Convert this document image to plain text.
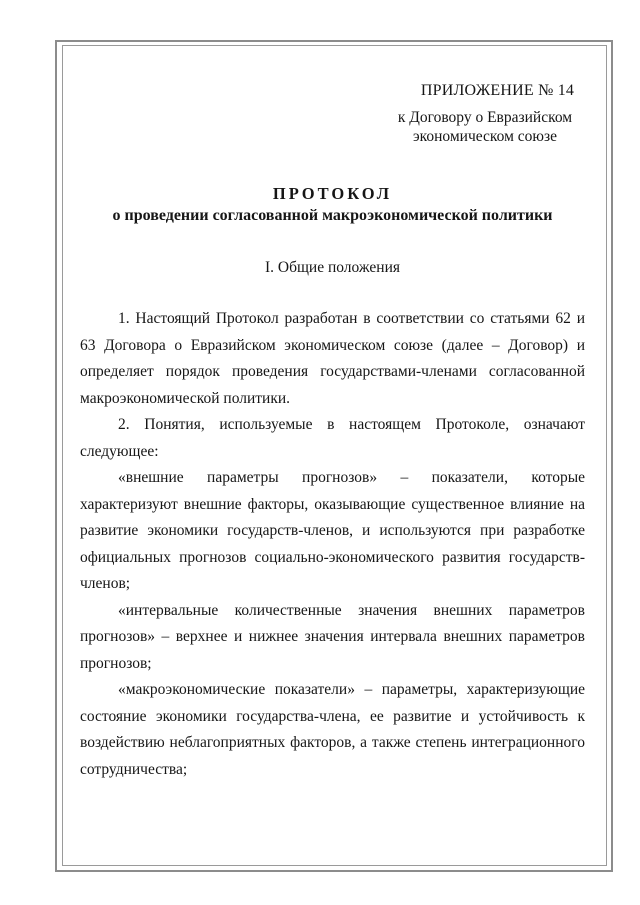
ПРИЛОЖЕНИЕ № 14
к Договору о Евразийском
экономическом союзе
ПРОТОКОЛ
о проведении согласованной макроэкономической политики
I. Общие положения

1. Настоящий Протокол разработан в соответствии со статьями 62 и 63 Договора о Евразийском экономическом союзе (далее – Договор) и определяет порядок проведения государствами-членами согласованной макроэкономической политики.

2. Понятия, используемые в настоящем Протоколе, означают следующее:

«внешние параметры прогнозов» – показатели, которые характеризуют внешние факторы, оказывающие существенное влияние на развитие экономики государств-членов, и используются при разработке официальных прогнозов социально-экономического развития государств-членов;

«интервальные количественные значения внешних параметров прогнозов» – верхнее и нижнее значения интервала внешних параметров прогнозов;

«макроэкономические показатели» – параметры, характеризующие состояние экономики государства-члена, ее развитие и устойчивость к воздействию неблагоприятных факторов, а также степень интеграционного сотрудничества;
